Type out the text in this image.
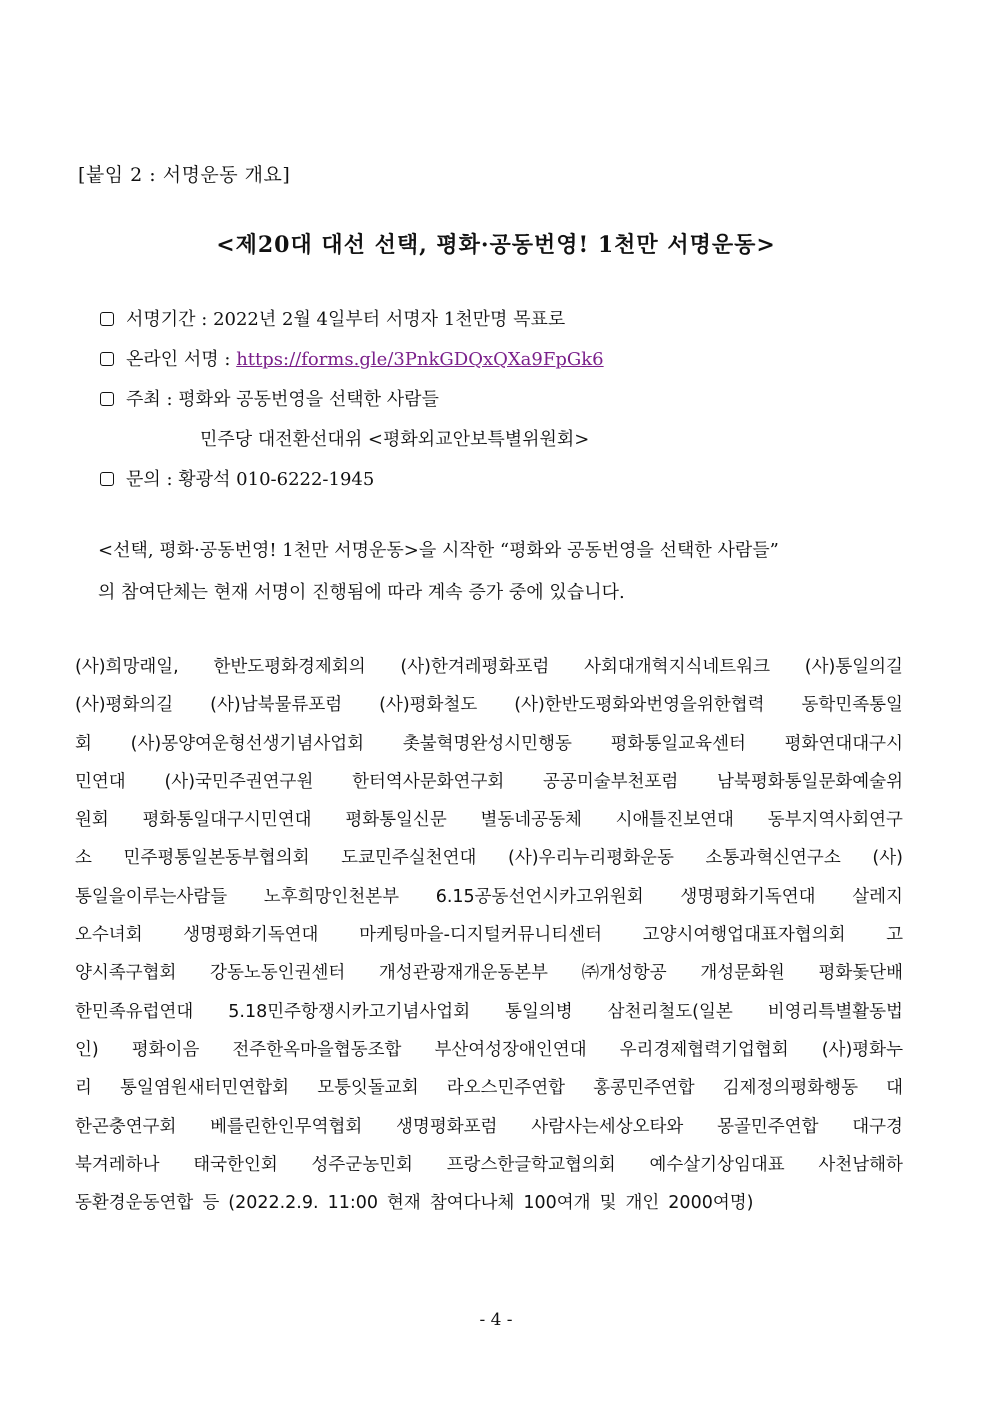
[붙임 2 : 서명운동 개요]
<제20대 대선 선택, 평화·공동번영! 1천만 서명운동>
서명기간 : 2022년 2월 4일부터 서명자 1천만명 목표로
온라인 서명 : https://forms.gle/3PnkGDQxQXa9FpGk6
주최 : 평화와 공동번영을 선택한 사람들
민주당 대전환선대위 <평화외교안보특별위원회>
문의 : 황광석 010-6222-1945

<선택, 평화·공동번영! 1천만 서명운동>을 시작한 “평화와 공동번영을 선택한 사람들”

의 참여단체는 현재 서명이 진행됨에 따라 계속 증가 중에 있습니다.

(사)희망래일, 한반도평화경제회의 (사)한겨레평화포럼 사회대개혁지식네트워크 (사)통일의길
(사)평화의길 (사)남북물류포럼 (사)평화철도 (사)한반도평화와번영을위한협력 동학민족통일
회 (사)몽양여운형선생기념사업회 촛불혁명완성시민행동 평화통일교육센터 평화연대대구시
민연대 (사)국민주권연구원 한터역사문화연구회 공공미술부천포럼 남북평화통일문화예술위
원회 평화통일대구시민연대 평화통일신문 별동네공동체 시애틀진보연대 동부지역사회연구
소 민주평통일본동부협의회 도쿄민주실천연대 (사)우리누리평화운동 소통과혁신연구소 (사)
통일을이루는사람들 노후희망인천본부 6.15공동선언시카고위원회 생명평화기독연대 살레지
오수녀회 생명평화기독연대 마케팅마을-디지털커뮤니티센터 고양시여행업대표자협의회 고
양시족구협회 강동노동인권센터 개성관광재개운동본부 ㈜개성항공 개성문화원 평화돛단배
한민족유럽연대 5.18민주항쟁시카고기념사업회 통일의병 삼천리철도(일본 비영리특별활동법
인) 평화이음 전주한옥마을협동조합 부산여성장애인연대 우리경제협력기업협회 (사)평화누
리 통일염원새터민연합회 모퉁잇돌교회 라오스민주연합 홍콩민주연합 김제정의평화행동 대
한곤충연구회 베를린한인무역협회 생명평화포럼 사람사는세상오타와 몽골민주연합 대구경
북겨레하나 태국한인회 성주군농민회 프랑스한글학교협의회 예수살기상임대표 사천남해하
동환경운동연합 등 (2022.2.9. 11:00 현재 참여다나체 100여개 및 개인 2000여명)
- 4 -
